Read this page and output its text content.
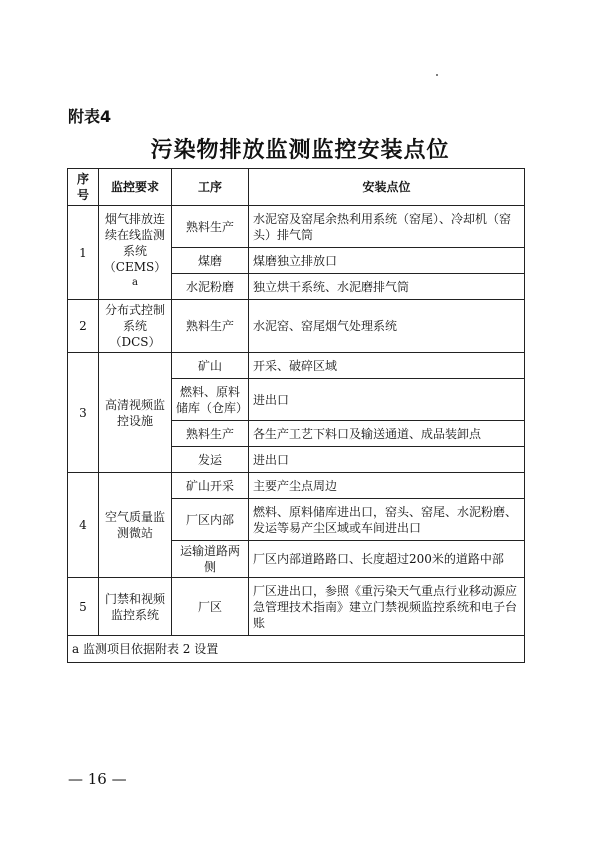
附表4
污染物排放监测监控安装点位
序号	监控要求	工序	安装点位
1	烟气排放连续在线监测系统（CEMS）$^a$	熟料生产	水泥窑及窑尾余热利用系统（窑尾）、冷却机（窑头）排气筒
		煤磨	煤磨独立排放口
		水泥粉磨	独立烘干系统、水泥磨排气筒
2	分布式控制系统（DCS）	熟料生产	水泥窑、窑尾烟气处理系统
3	高清视频监控设施	矿山	开采、破碎区域
		燃料、原料储库（仓库）	进出口
		熟料生产	各生产工艺下料口及输送通道、成品装卸点
		发运	进出口
4	空气质量监测微站	矿山开采	主要产尘点周边
		厂区内部	燃料、原料储库进出口，窑头、窑尾、水泥粉磨、发运等易产尘区域或车间进出口
		运输道路两侧	厂区内部道路路口、长度超过200米的道路中部
5	门禁和视频监控系统	厂区	厂区进出口，参照《重污染天气重点行业移动源应急管理技术指南》建立门禁视频监控系统和电子台账
a 监测项目依据附表 2 设置			
— 16 —
